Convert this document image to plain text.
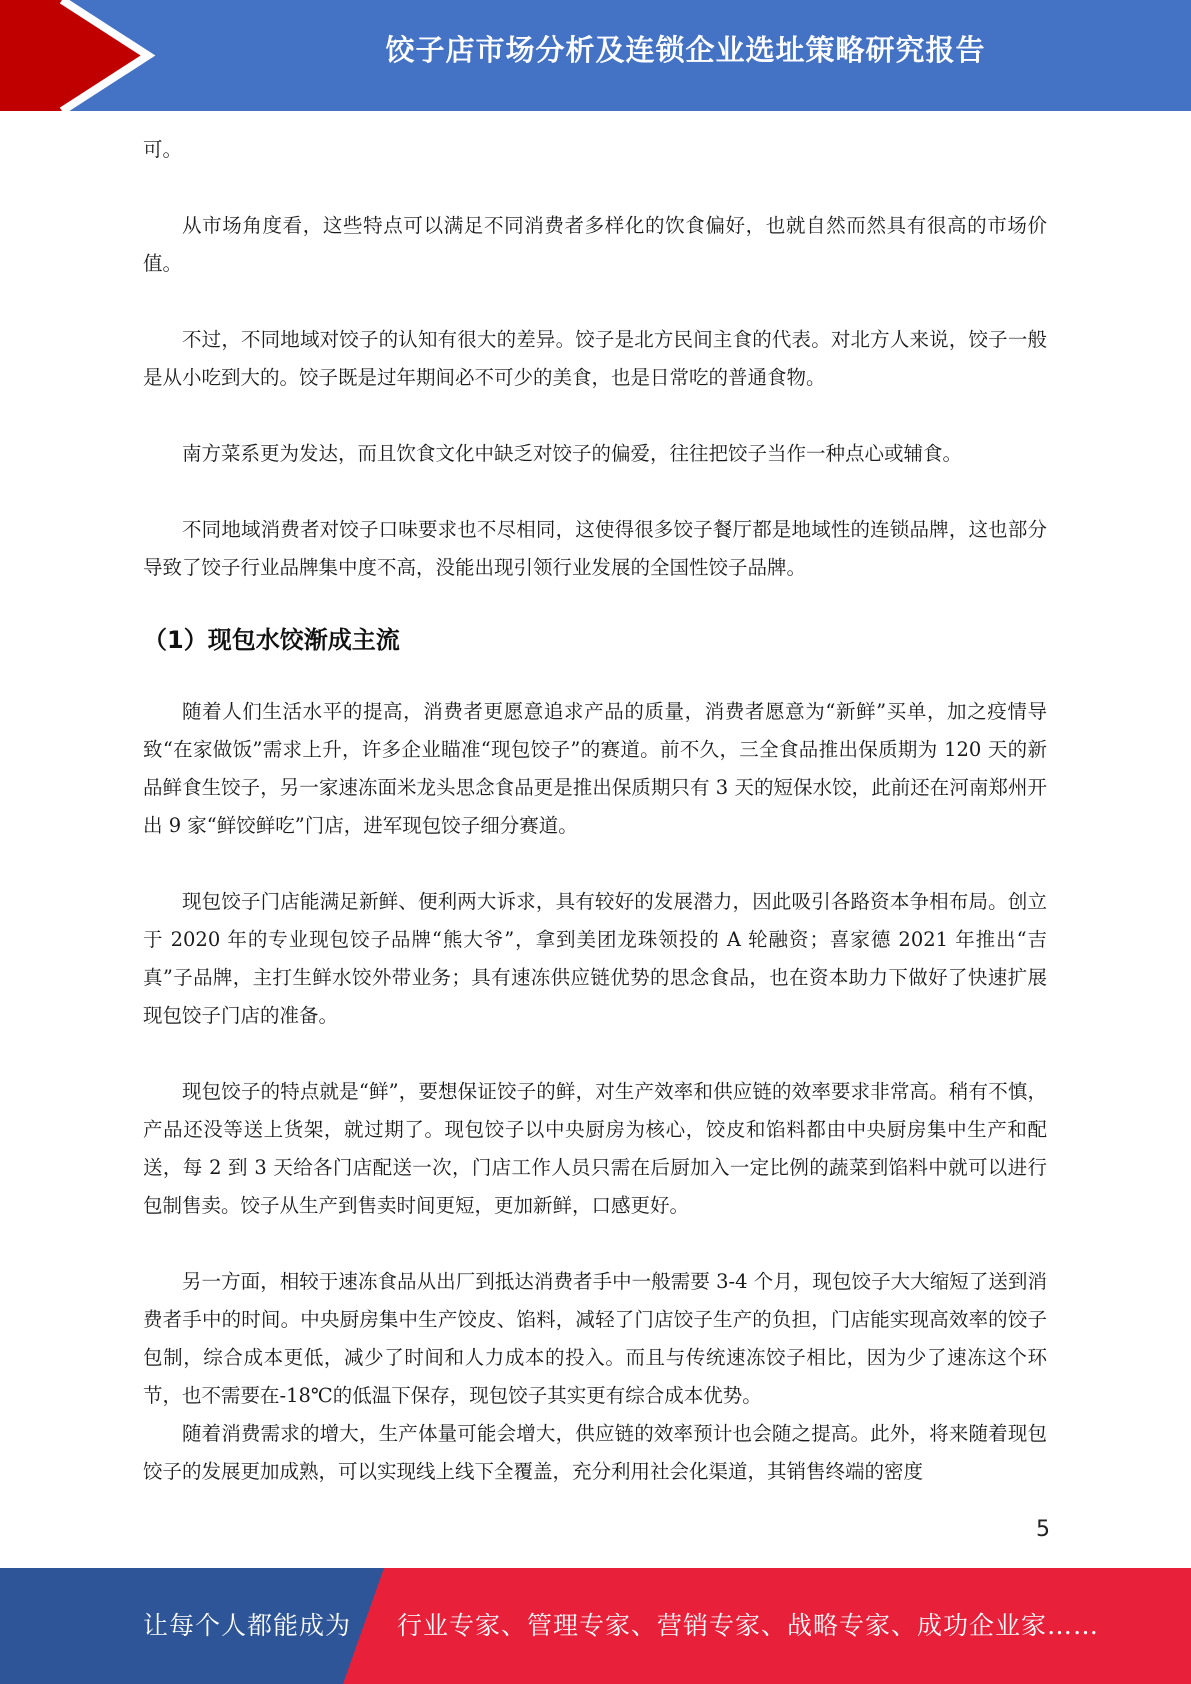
饺子店市场分析及连锁企业选址策略研究报告

可。

从市场角度看，这些特点可以满足不同消费者多样化的饮食偏好，也就自然而然具有很高的市场价值。

不过，不同地域对饺子的认知有很大的差异。饺子是北方民间主食的代表。对北方人来说，饺子一般是从小吃到大的。饺子既是过年期间必不可少的美食，也是日常吃的普通食物。

南方菜系更为发达，而且饮食文化中缺乏对饺子的偏爱，往往把饺子当作一种点心或辅食。

不同地域消费者对饺子口味要求也不尽相同，这使得很多饺子餐厅都是地域性的连锁品牌，这也部分导致了饺子行业品牌集中度不高，没能出现引领行业发展的全国性饺子品牌。

（1）现包水饺渐成主流

随着人们生活水平的提高，消费者更愿意追求产品的质量，消费者愿意为“新鲜”买单，加之疫情导致“在家做饭”需求上升，许多企业瞄准“现包饺子”的赛道。前不久，三全食品推出保质期为 120 天的新品鲜食生饺子，另一家速冻面米龙头思念食品更是推出保质期只有 3 天的短保水饺，此前还在河南郑州开出 9 家“鲜饺鲜吃”门店，进军现包饺子细分赛道。

现包饺子门店能满足新鲜、便利两大诉求，具有较好的发展潜力，因此吸引各路资本争相布局。创立于 2020 年的专业现包饺子品牌“熊大爷”，拿到美团龙珠领投的 A 轮融资；喜家德 2021 年推出“吉真”子品牌，主打生鲜水饺外带业务；具有速冻供应链优势的思念食品，也在资本助力下做好了快速扩展现包饺子门店的准备。

现包饺子的特点就是“鲜”，要想保证饺子的鲜，对生产效率和供应链的效率要求非常高。稍有不慎，产品还没等送上货架，就过期了。现包饺子以中央厨房为核心，饺皮和馅料都由中央厨房集中生产和配送，每 2 到 3 天给各门店配送一次，门店工作人员只需在后厨加入一定比例的蔬菜到馅料中就可以进行包制售卖。饺子从生产到售卖时间更短，更加新鲜，口感更好。

另一方面，相较于速冻食品从出厂到抵达消费者手中一般需要 3-4 个月，现包饺子大大缩短了送到消费者手中的时间。中央厨房集中生产饺皮、馅料，减轻了门店饺子生产的负担，门店能实现高效率的饺子包制，综合成本更低，减少了时间和人力成本的投入。而且与传统速冻饺子相比，因为少了速冻这个环节，也不需要在-18℃的低温下保存，现包饺子其实更有综合成本优势。

随着消费需求的增大，生产体量可能会增大，供应链的效率预计也会随之提高。此外，将来随着现包饺子的发展更加成熟，可以实现线上线下全覆盖，充分利用社会化渠道，其销售终端的密度

5
让每个人都能成为 行业专家、管理专家、营销专家、战略专家、成功企业家……
